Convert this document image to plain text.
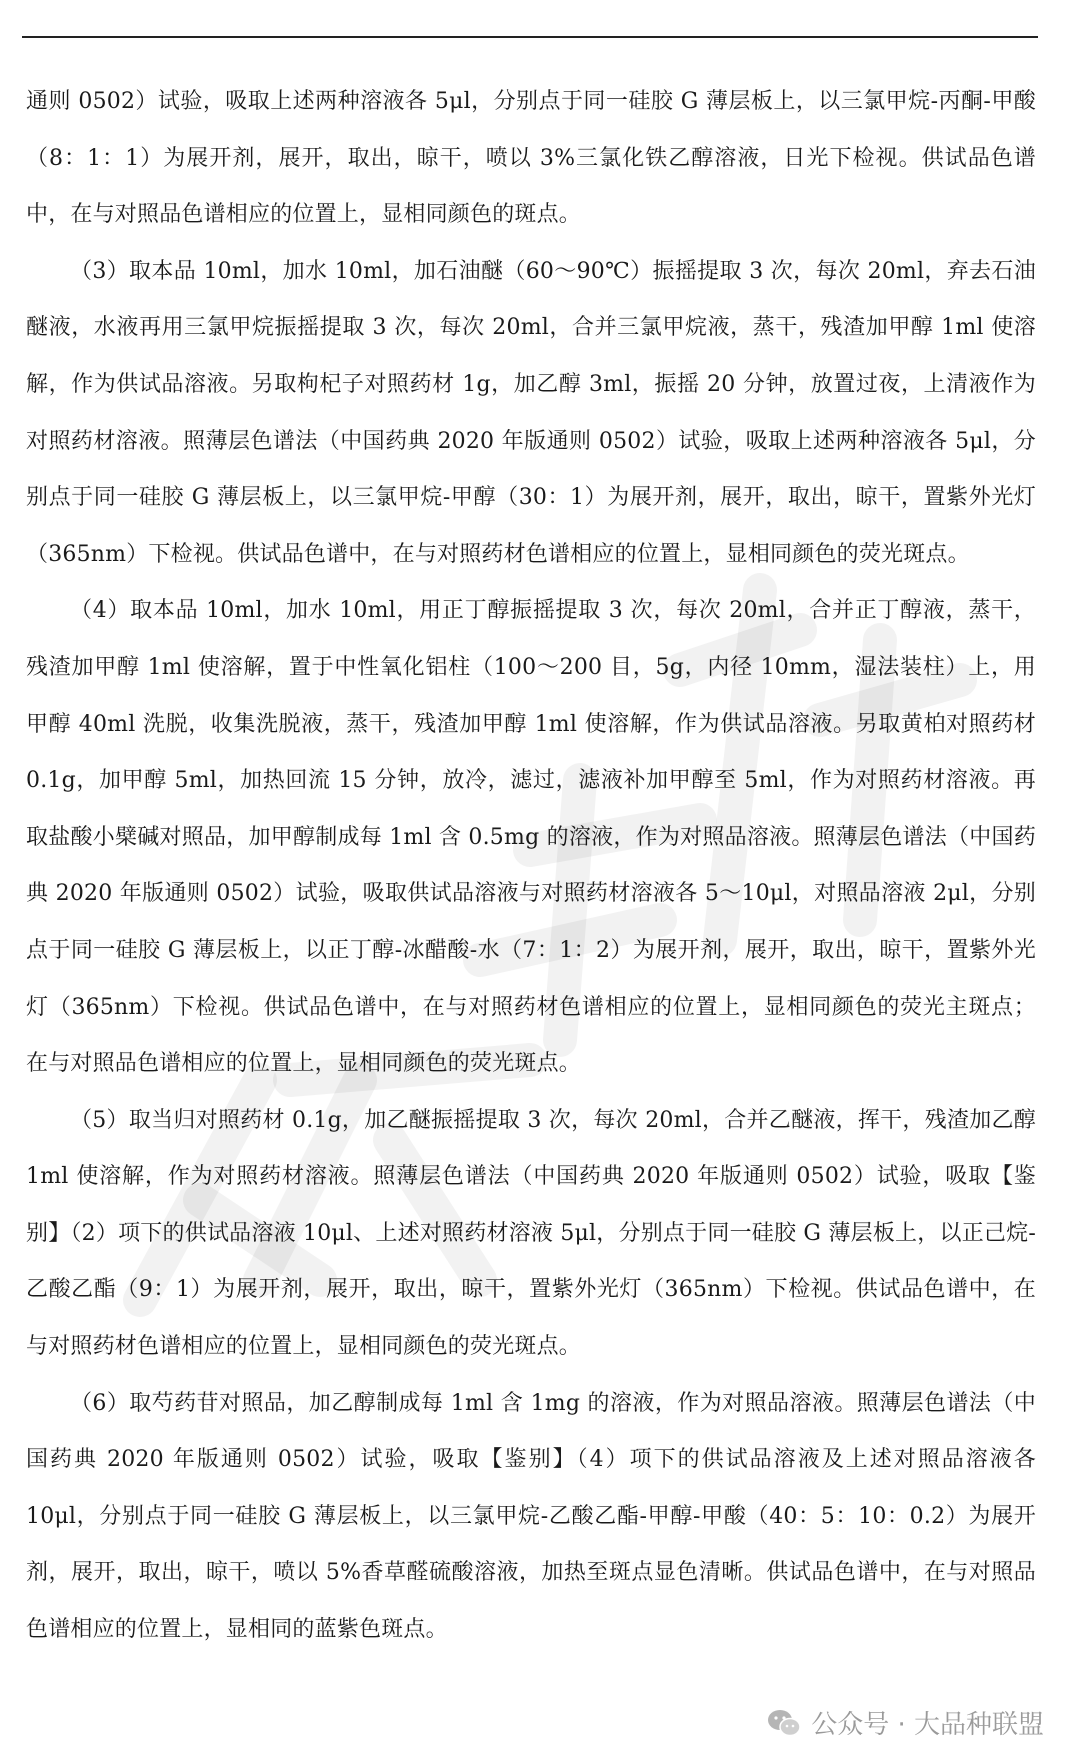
通则 0502）试验，吸取上述两种溶液各 5μl，分别点于同一硅胶 G 薄层板上，以三氯甲烷-丙酮-甲酸（8：1：1）为展开剂，展开，取出，晾干，喷以 3%三氯化铁乙醇溶液，日光下检视。供试品色谱中，在与对照品色谱相应的位置上，显相同颜色的斑点。

（3）取本品 10ml，加水 10ml，加石油醚（60～90℃）振摇提取 3 次，每次 20ml，弃去石油醚液，水液再用三氯甲烷振摇提取 3 次，每次 20ml，合并三氯甲烷液，蒸干，残渣加甲醇 1ml 使溶解，作为供试品溶液。另取枸杞子对照药材 1g，加乙醇 3ml，振摇 20 分钟，放置过夜，上清液作为对照药材溶液。照薄层色谱法（中国药典 2020 年版通则 0502）试验，吸取上述两种溶液各 5μl，分别点于同一硅胶 G 薄层板上，以三氯甲烷-甲醇（30：1）为展开剂，展开，取出，晾干，置紫外光灯（365nm）下检视。供试品色谱中，在与对照药材色谱相应的位置上，显相同颜色的荧光斑点。

（4）取本品 10ml，加水 10ml，用正丁醇振摇提取 3 次，每次 20ml，合并正丁醇液，蒸干，残渣加甲醇 1ml 使溶解，置于中性氧化铝柱（100～200 目，5g，内径 10mm，湿法装柱）上，用甲醇 40ml 洗脱，收集洗脱液，蒸干，残渣加甲醇 1ml 使溶解，作为供试品溶液。另取黄柏对照药材 0.1g，加甲醇 5ml，加热回流 15 分钟，放冷，滤过，滤液补加甲醇至 5ml，作为对照药材溶液。再取盐酸小檗碱对照品，加甲醇制成每 1ml 含 0.5mg 的溶液，作为对照品溶液。照薄层色谱法（中国药典 2020 年版通则 0502）试验，吸取供试品溶液与对照药材溶液各 5～10μl，对照品溶液 2μl，分别点于同一硅胶 G 薄层板上，以正丁醇-冰醋酸-水（7：1：2）为展开剂，展开，取出，晾干，置紫外光灯（365nm）下检视。供试品色谱中，在与对照药材色谱相应的位置上，显相同颜色的荧光主斑点；在与对照品色谱相应的位置上，显相同颜色的荧光斑点。

（5）取当归对照药材 0.1g，加乙醚振摇提取 3 次，每次 20ml，合并乙醚液，挥干，残渣加乙醇 1ml 使溶解，作为对照药材溶液。照薄层色谱法（中国药典 2020 年版通则 0502）试验，吸取【鉴别】（2）项下的供试品溶液 10μl、上述对照药材溶液 5μl，分别点于同一硅胶 G 薄层板上，以正己烷-乙酸乙酯（9：1）为展开剂，展开，取出，晾干，置紫外光灯（365nm）下检视。供试品色谱中，在与对照药材色谱相应的位置上，显相同颜色的荧光斑点。

（6）取芍药苷对照品，加乙醇制成每 1ml 含 1mg 的溶液，作为对照品溶液。照薄层色谱法（中国药典 2020 年版通则 0502）试验，吸取【鉴别】（4）项下的供试品溶液及上述对照品溶液各 10μl，分别点于同一硅胶 G 薄层板上，以三氯甲烷-乙酸乙酯-甲醇-甲酸（40：5：10：0.2）为展开剂，展开，取出，晾干，喷以 5%香草醛硫酸溶液，加热至斑点显色清晰。供试品色谱中，在与对照品色谱相应的位置上，显相同的蓝紫色斑点。

公众号 · 大品种联盟
